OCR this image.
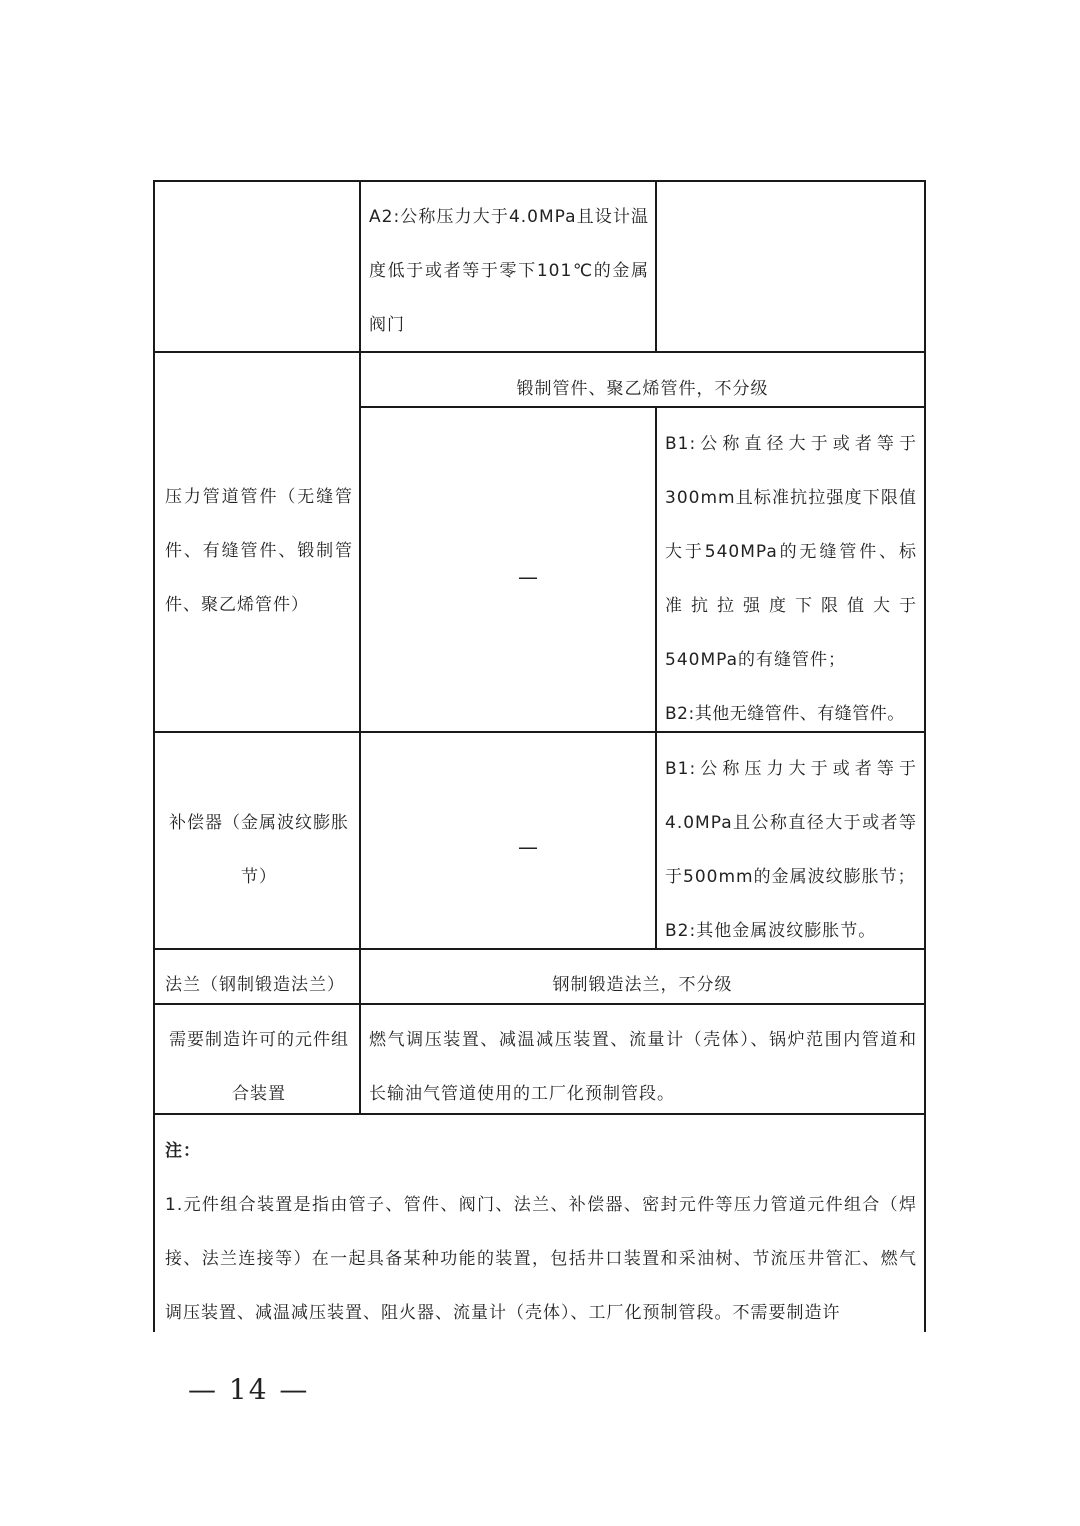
A2:公称压力大于4.0MPa且设计温度低于或者等于零下101℃的金属阀门
锻制管件、聚乙烯管件，不分级
压力管道管件（无缝管件、有缝管件、锻制管件、聚乙烯管件）
—
B1:公称直径大于或者等于300mm且标准抗拉强度下限值大于540MPa的无缝管件、标准抗拉强度下限值大于540MPa的有缝管件；
B2:其他无缝管件、有缝管件。
补偿器（金属波纹膨胀节）
—
B1:公称压力大于或者等于4.0MPa且公称直径大于或者等于500mm的金属波纹膨胀节；
B2:其他金属波纹膨胀节。
法兰（钢制锻造法兰）	钢制锻造法兰，不分级
需要制造许可的元件组合装置
燃气调压装置、减温减压装置、流量计（壳体）、锅炉范围内管道和长输油气管道使用的工厂化预制管段。
注：
1.元件组合装置是指由管子、管件、阀门、法兰、补偿器、密封元件等压力管道元件组合（焊接、法兰连接等）在一起具备某种功能的装置，包括井口装置和采油树、节流压井管汇、燃气调压装置、减温减压装置、阻火器、流量计（壳体）、工厂化预制管段。不需要制造许
— 14 —
